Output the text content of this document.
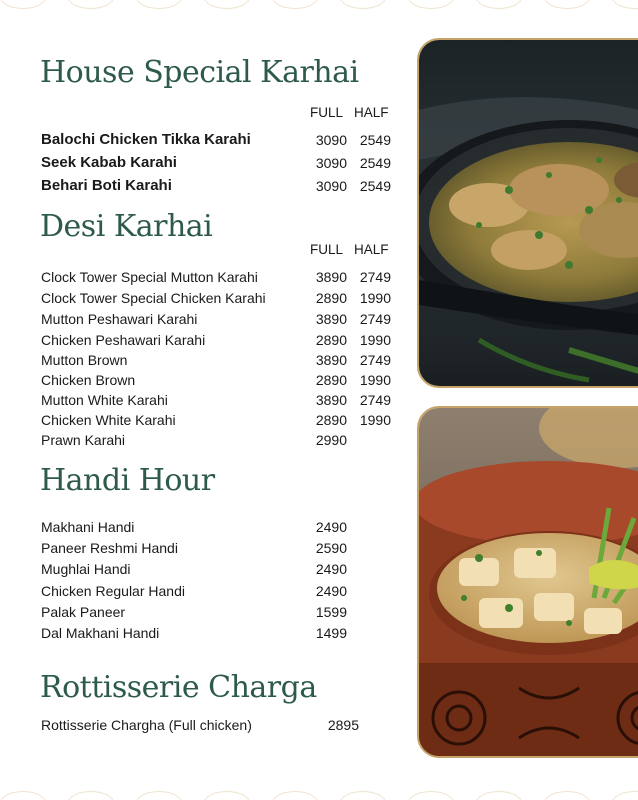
House Special Karhai
FULL HALF
Balochi Chicken Tikka Karahi	3090 2549
Seek Kabab Karahi	3090 2549
Behari Boti Karahi	3090 2549
Desi Karhai
FULL HALF
Clock Tower Special Mutton Karahi	3890 2749
Clock Tower Special Chicken Karahi	2890 1990
Mutton Peshawari Karahi	3890 2749
Chicken Peshawari Karahi	2890 1990
Mutton Brown	3890 2749
Chicken Brown	2890 1990
Mutton White Karahi	3890 2749
Chicken White Karahi	2890 1990
Prawn Karahi	2990
Handi Hour
Makhani Handi	2490
Paneer Reshmi Handi	2590
Mughlai Handi	2490
Chicken Regular Handi	2490
Palak Paneer	1599
Dal Makhani Handi	1499
Rottisserie Charga
Rottisserie Chargha (Full chicken)	2895
